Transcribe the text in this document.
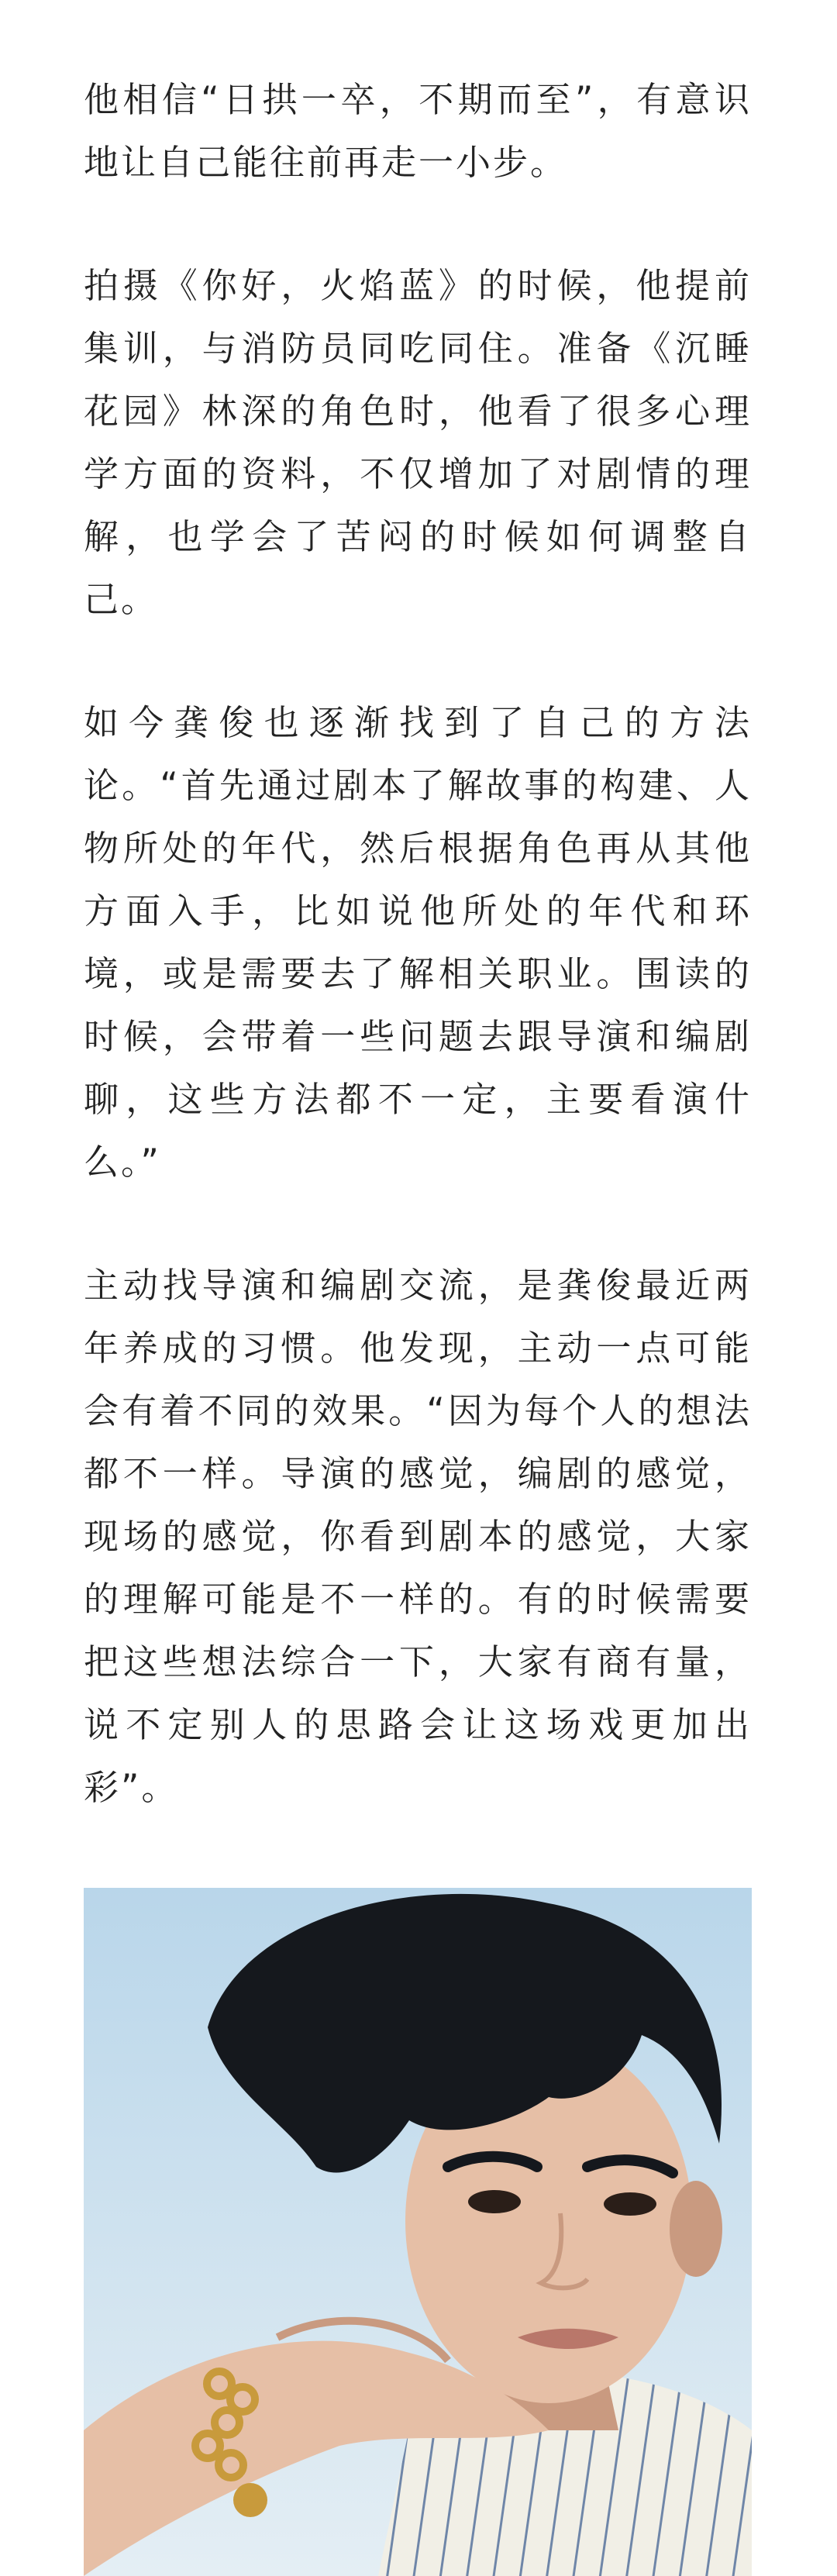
他相信“日拱一卒，不期而至”，有意识地让自己能往前再走一小步。

拍摄《你好，火焰蓝》的时候，他提前集训，与消防员同吃同住。准备《沉睡花园》林深的角色时，他看了很多心理学方面的资料，不仅增加了对剧情的理解，也学会了苦闷的时候如何调整自己。

如今龚俊也逐渐找到了自己的方法论。“首先通过剧本了解故事的构建、人物所处的年代，然后根据角色再从其他方面入手，比如说他所处的年代和环境，或是需要去了解相关职业。围读的时候，会带着一些问题去跟导演和编剧聊，这些方法都不一定，主要看演什么。”

主动找导演和编剧交流，是龚俊最近两年养成的习惯。他发现，主动一点可能会有着不同的效果。“因为每个人的想法都不一样。导演的感觉，编剧的感觉，现场的感觉，你看到剧本的感觉，大家的理解可能是不一样的。有的时候需要把这些想法综合一下，大家有商有量，说不定别人的思路会让这场戏更加出彩”。
